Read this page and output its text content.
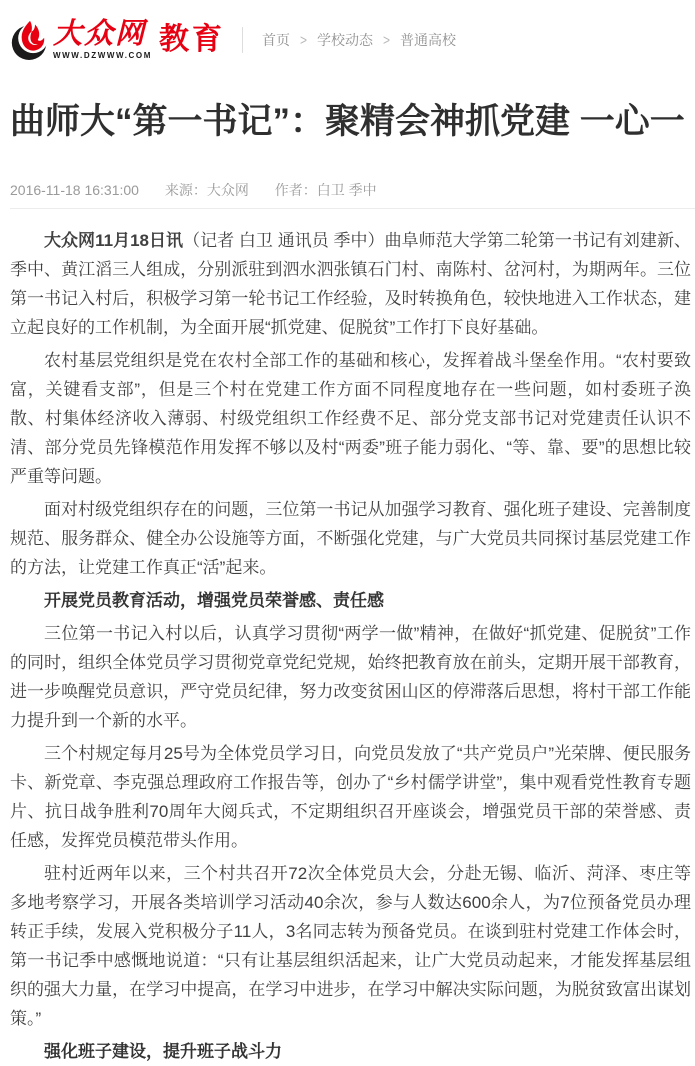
大众网
WWW.DZWWW.COM 教育	首页 > 学校动态 > 普通高校
曲师大“第一书记”：聚精会神抓党建 一心一
2016-11-18 16:31:00 来源：大众网 作者：白卫 季中

大众网11月18日讯（记者 白卫 通讯员 季中）曲阜师范大学第二轮第一书记有刘建新、季中、黄江滔三人组成，分别派驻到泗水泗张镇石门村、南陈村、岔河村，为期两年。三位第一书记入村后，积极学习第一轮书记工作经验，及时转换角色，较快地进入工作状态，建立起良好的工作机制，为全面开展“抓党建、促脱贫”工作打下良好基础。

农村基层党组织是党在农村全部工作的基础和核心，发挥着战斗堡垒作用。“农村要致富，关键看支部”，但是三个村在党建工作方面不同程度地存在一些问题，如村委班子涣散、村集体经济收入薄弱、村级党组织工作经费不足、部分党支部书记对党建责任认识不清、部分党员先锋模范作用发挥不够以及村“两委”班子能力弱化、“等、靠、要”的思想比较严重等问题。

面对村级党组织存在的问题，三位第一书记从加强学习教育、强化班子建设、完善制度规范、服务群众、健全办公设施等方面，不断强化党建，与广大党员共同探讨基层党建工作的方法，让党建工作真正“活”起来。

开展党员教育活动，增强党员荣誉感、责任感

三位第一书记入村以后，认真学习贯彻“两学一做”精神，在做好“抓党建、促脱贫”工作的同时，组织全体党员学习贯彻党章党纪党规，始终把教育放在前头，定期开展干部教育，进一步唤醒党员意识，严守党员纪律，努力改变贫困山区的停滞落后思想，将村干部工作能力提升到一个新的水平。

三个村规定每月25号为全体党员学习日，向党员发放了“共产党员户”光荣牌、便民服务卡、新党章、李克强总理政府工作报告等，创办了“乡村儒学讲堂”，集中观看党性教育专题片、抗日战争胜利70周年大阅兵式，不定期组织召开座谈会，增强党员干部的荣誉感、责任感，发挥党员模范带头作用。

驻村近两年以来，三个村共召开72次全体党员大会，分赴无锡、临沂、菏泽、枣庄等多地考察学习，开展各类培训学习活动40余次，参与人数达600余人，为7位预备党员办理转正手续，发展入党积极分子11人，3名同志转为预备党员。在谈到驻村党建工作体会时，第一书记季中感慨地说道：“只有让基层组织活起来，让广大党员动起来，才能发挥基层组织的强大力量，在学习中提高，在学习中进步，在学习中解决实际问题，为脱贫致富出谋划策。”

强化班子建设，提升班子战斗力
